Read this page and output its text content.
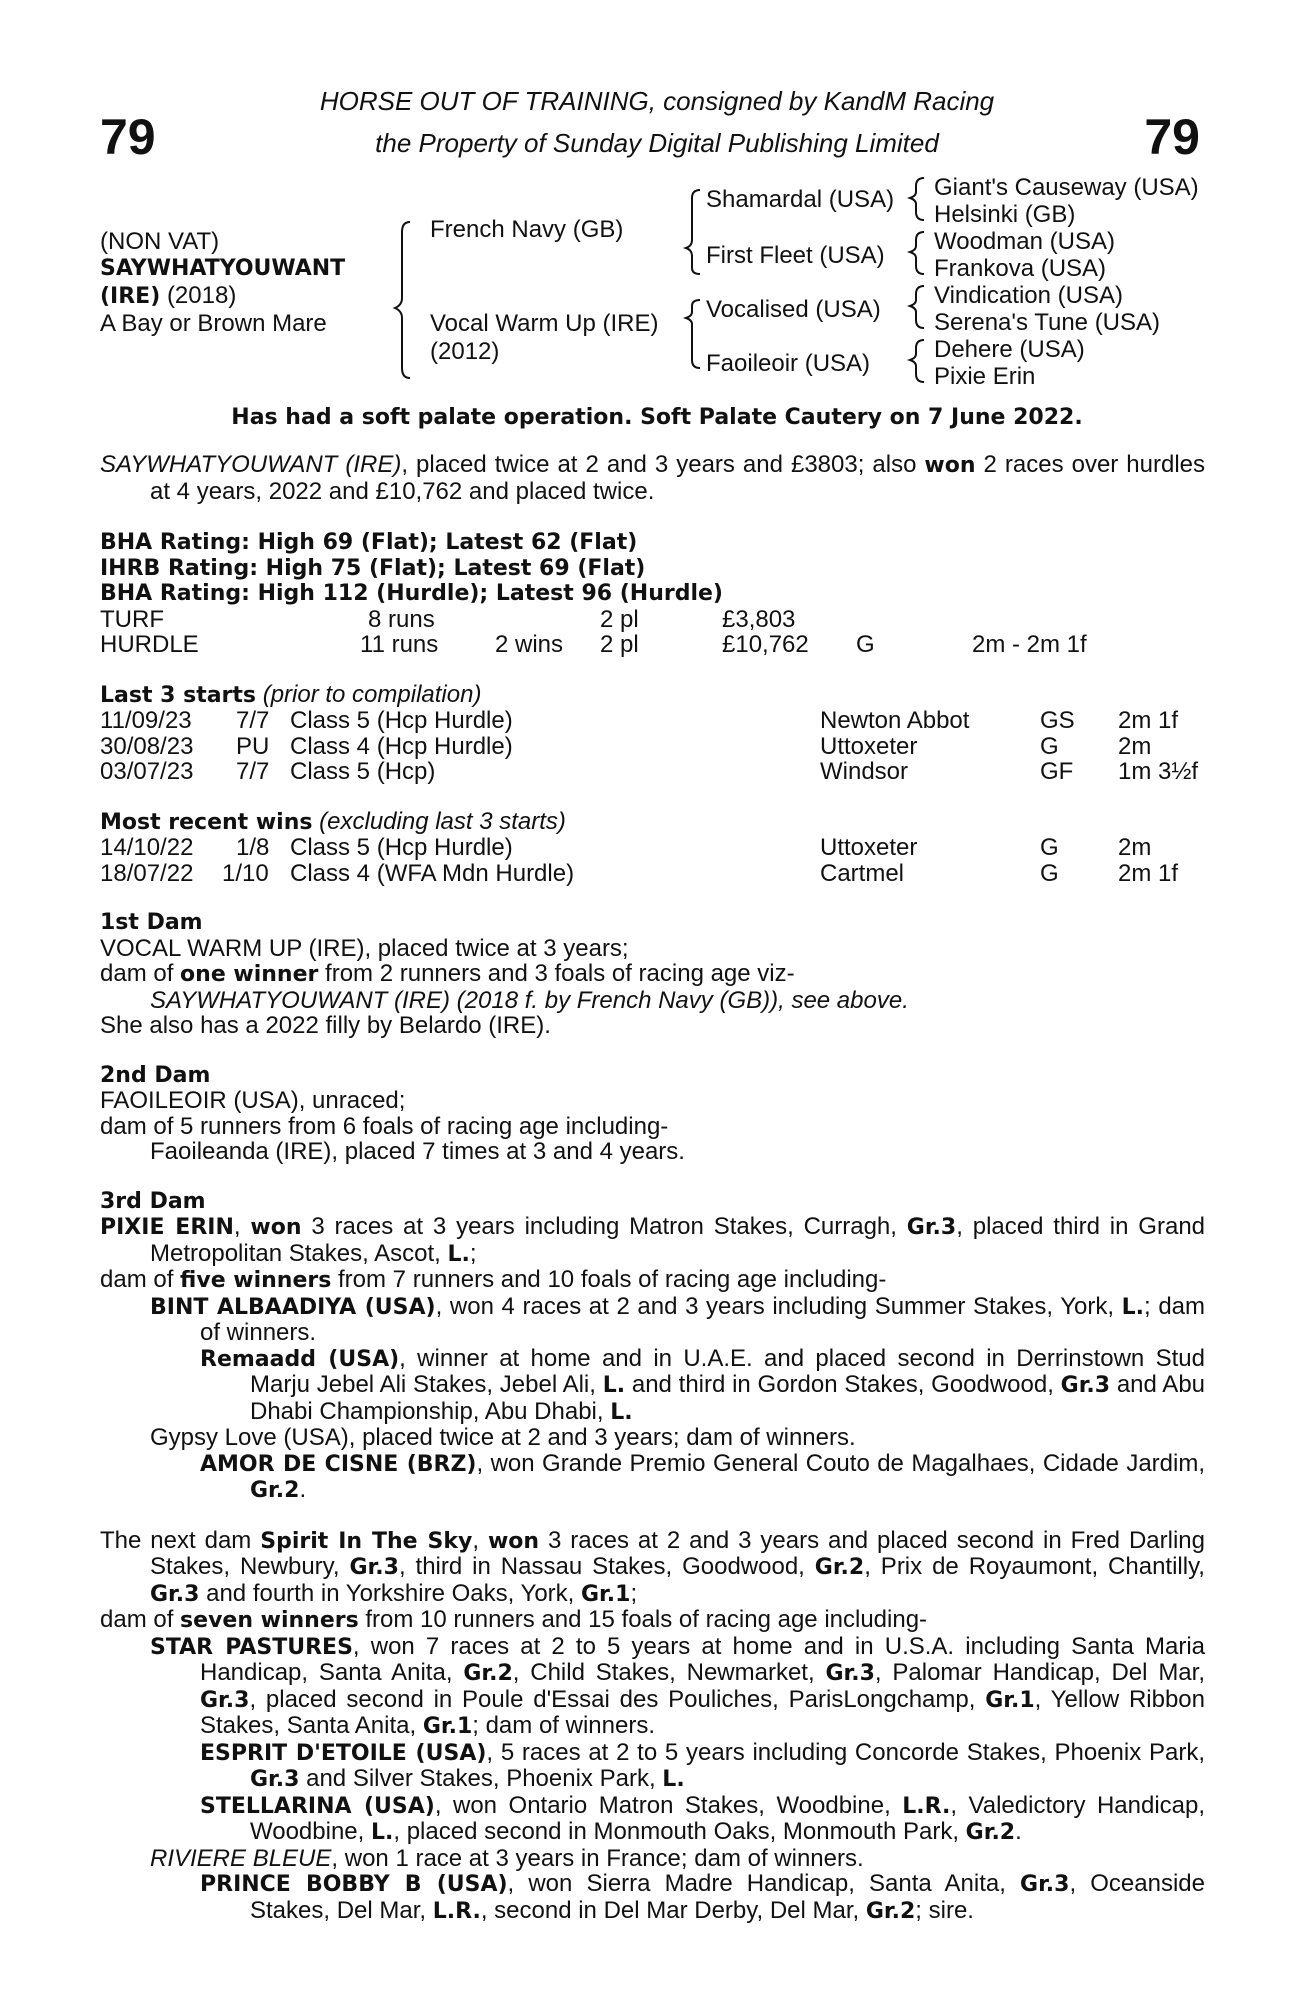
79	79
HORSE OUT OF TRAINING, consigned by KandM Racing
the Property of Sunday Digital Publishing Limited
(NON VAT)
SAYWHATYOUWANT
(IRE) (2018)
A Bay or Brown Mare
French Navy (GB)
Vocal Warm Up (IRE)
(2012)
Shamardal (USA)
First Fleet (USA)
Vocalised (USA)
Faoileoir (USA)
Giant's Causeway (USA)
Helsinki (GB)
Woodman (USA)
Frankova (USA)
Vindication (USA)
Serena's Tune (USA)
Dehere (USA)
Pixie Erin
Has had a soft palate operation. Soft Palate Cautery on 7 June 2022.

SAYWHATYOUWANT (IRE), placed twice at 2 and 3 years and £3803; also won 2 races over hurdles at 4 years, 2022 and £10,762 and placed twice.

BHA Rating: High 69 (Flat); Latest 62 (Flat)
IHRB Rating: High 75 (Flat); Latest 69 (Flat)
BHA Rating: High 112 (Hurdle); Latest 96 (Hurdle)
TURF	8 runs	2 pl	£3,803
HURDLE	11 runs 2 wins 2 pl	£10,762 G	2m - 2m 1f
Last 3 starts (prior to compilation)
11/09/23 7/7 Class 5 (Hcp Hurdle)	Newton Abbot	GS 2m 1f
30/08/23 PU Class 4 (Hcp Hurdle)	Uttoxeter	G 2m
03/07/23 7/7 Class 5 (Hcp)	Windsor	GF 1m 3½f
Most recent wins (excluding last 3 starts)
14/10/22 1/8 Class 5 (Hcp Hurdle)	Uttoxeter	G 2m
18/07/22 1/10 Class 4 (WFA Mdn Hurdle)	Cartmel	G 2m 1f
1st Dam

VOCAL WARM UP (IRE), placed twice at 3 years;

dam of one winner from 2 runners and 3 foals of racing age viz-

SAYWHATYOUWANT (IRE) (2018 f. by French Navy (GB)), see above.

She also has a 2022 filly by Belardo (IRE).

2nd Dam

FAOILEOIR (USA), unraced;

dam of 5 runners from 6 foals of racing age including-

Faoileanda (IRE), placed 7 times at 3 and 4 years.

3rd Dam

PIXIE ERIN, won 3 races at 3 years including Matron Stakes, Curragh, Gr.3, placed third in Grand Metropolitan Stakes, Ascot, L.;

dam of five winners from 7 runners and 10 foals of racing age including-

BINT ALBAADIYA (USA), won 4 races at 2 and 3 years including Summer Stakes, York, L.; dam of winners.

Remaadd (USA), winner at home and in U.A.E. and placed second in Derrinstown Stud Marju Jebel Ali Stakes, Jebel Ali, L. and third in Gordon Stakes, Goodwood, Gr.3 and Abu Dhabi Championship, Abu Dhabi, L.

Gypsy Love (USA), placed twice at 2 and 3 years; dam of winners.

AMOR DE CISNE (BRZ), won Grande Premio General Couto de Magalhaes, Cidade Jardim, Gr.2.

The next dam Spirit In The Sky, won 3 races at 2 and 3 years and placed second in Fred Darling Stakes, Newbury, Gr.3, third in Nassau Stakes, Goodwood, Gr.2, Prix de Royaumont, Chantilly, Gr.3 and fourth in Yorkshire Oaks, York, Gr.1;

dam of seven winners from 10 runners and 15 foals of racing age including-

STAR PASTURES, won 7 races at 2 to 5 years at home and in U.S.A. including Santa Maria Handicap, Santa Anita, Gr.2, Child Stakes, Newmarket, Gr.3, Palomar Handicap, Del Mar, Gr.3, placed second in Poule d'Essai des Pouliches, ParisLongchamp, Gr.1, Yellow Ribbon Stakes, Santa Anita, Gr.1; dam of winners.

ESPRIT D'ETOILE (USA), 5 races at 2 to 5 years including Concorde Stakes, Phoenix Park, Gr.3 and Silver Stakes, Phoenix Park, L.

STELLARINA (USA), won Ontario Matron Stakes, Woodbine, L.R., Valedictory Handicap, Woodbine, L., placed second in Monmouth Oaks, Monmouth Park, Gr.2.

RIVIERE BLEUE, won 1 race at 3 years in France; dam of winners.

PRINCE BOBBY B (USA), won Sierra Madre Handicap, Santa Anita, Gr.3, Oceanside Stakes, Del Mar, L.R., second in Del Mar Derby, Del Mar, Gr.2; sire.
